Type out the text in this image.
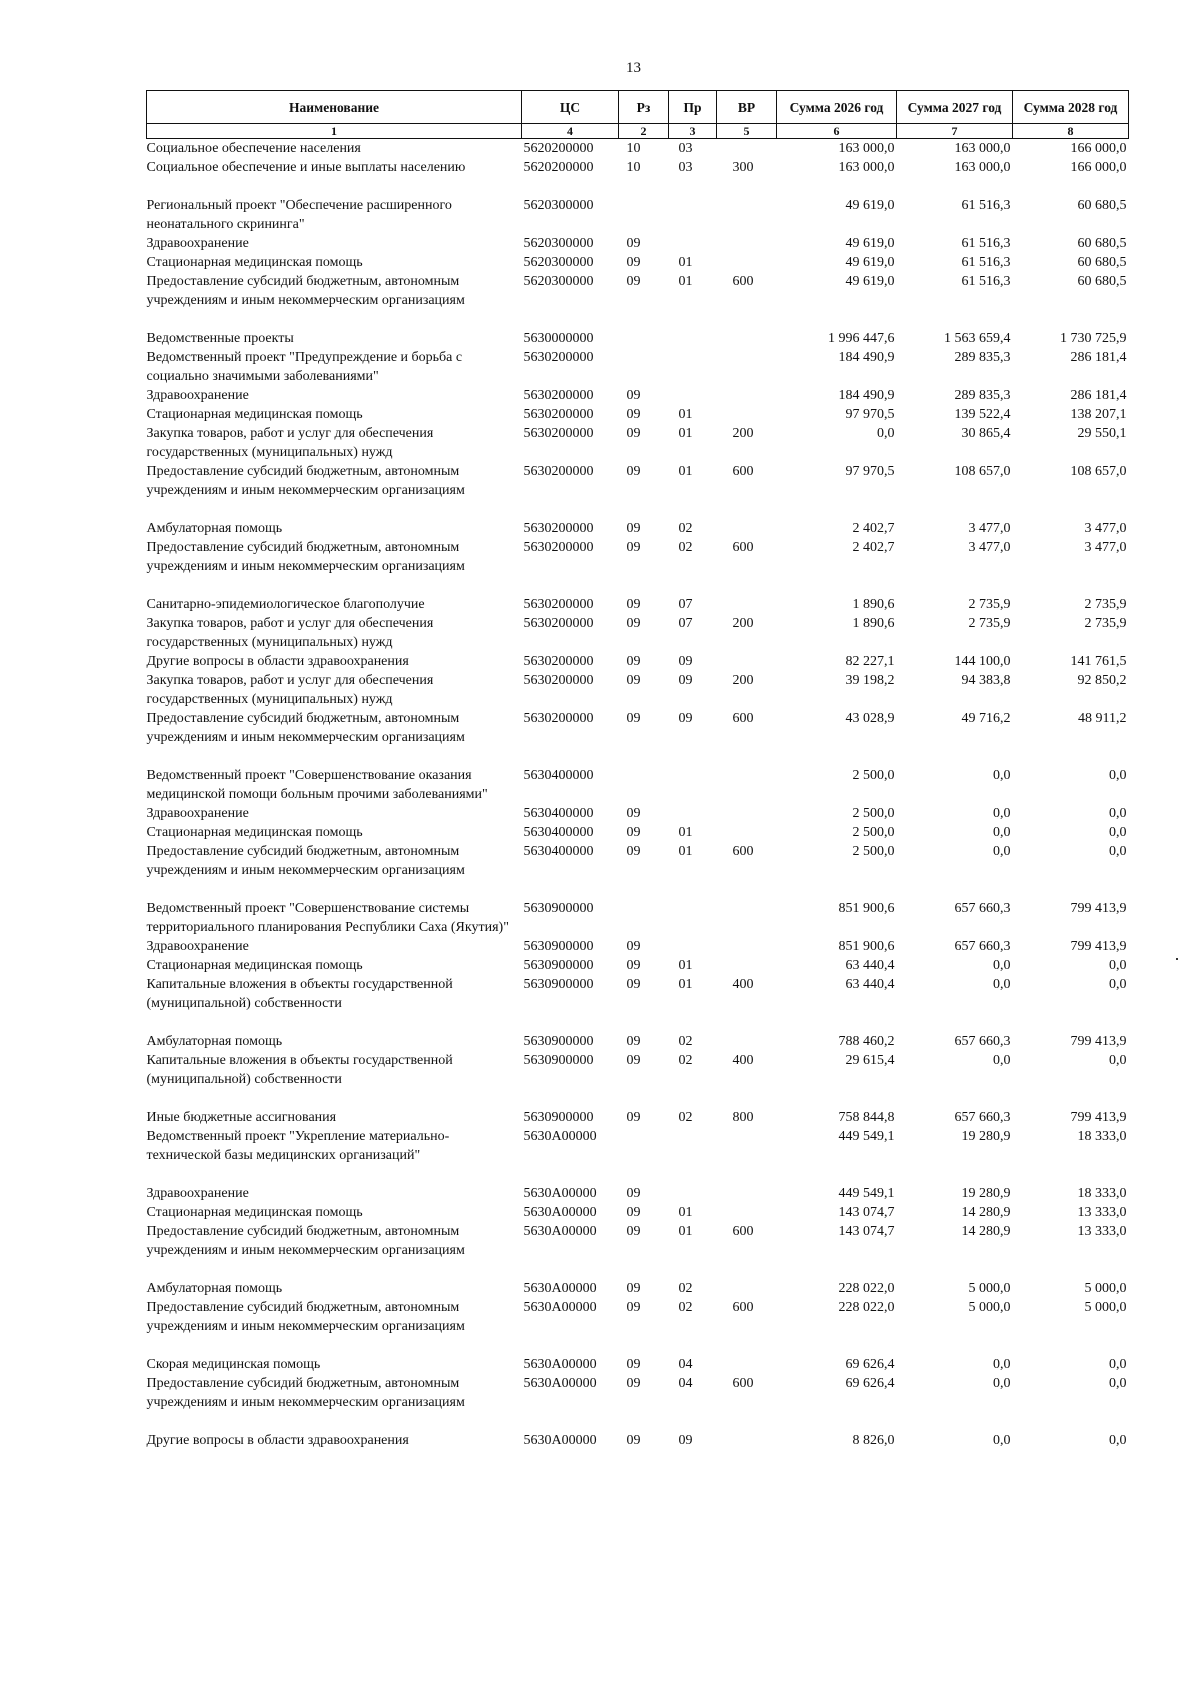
13
Наименование	ЦС	Рз	Пр	ВР	Сумма 2026 год	Сумма 2027 год	Сумма 2028 год
1	4	2	3	5	6	7	8
Социальное обеспечение населения	5620200000	10	03		163 000,0	163 000,0	166 000,0
Социальное обеспечение и иные выплаты населению	5620200000	10	03	300	163 000,0	163 000,0	166 000,0

Региональный проект "Обеспечение расширенного неонатального скрининга"	5620300000				49 619,0	61 516,3	60 680,5
Здравоохранение	5620300000	09			49 619,0	61 516,3	60 680,5
Стационарная медицинская помощь	5620300000	09	01		49 619,0	61 516,3	60 680,5
Предоставление субсидий бюджетным, автономным учреждениям и иным некоммерческим организациям	5620300000	09	01	600	49 619,0	61 516,3	60 680,5

Ведомственные проекты	5630000000				1 996 447,6	1 563 659,4	1 730 725,9
Ведомственный проект "Предупреждение и борьба с социально значимыми заболеваниями"	5630200000				184 490,9	289 835,3	286 181,4
Здравоохранение	5630200000	09			184 490,9	289 835,3	286 181,4
Стационарная медицинская помощь	5630200000	09	01		97 970,5	139 522,4	138 207,1
Закупка товаров, работ и услуг для обеспечения государственных (муниципальных) нужд	5630200000	09	01	200	0,0	30 865,4	29 550,1
Предоставление субсидий бюджетным, автономным учреждениям и иным некоммерческим организациям	5630200000	09	01	600	97 970,5	108 657,0	108 657,0

Амбулаторная помощь	5630200000	09	02		2 402,7	3 477,0	3 477,0
Предоставление субсидий бюджетным, автономным учреждениям и иным некоммерческим организациям	5630200000	09	02	600	2 402,7	3 477,0	3 477,0

Санитарно-эпидемиологическое благополучие	5630200000	09	07		1 890,6	2 735,9	2 735,9
Закупка товаров, работ и услуг для обеспечения государственных (муниципальных) нужд	5630200000	09	07	200	1 890,6	2 735,9	2 735,9
Другие вопросы в области здравоохранения	5630200000	09	09		82 227,1	144 100,0	141 761,5
Закупка товаров, работ и услуг для обеспечения государственных (муниципальных) нужд	5630200000	09	09	200	39 198,2	94 383,8	92 850,2
Предоставление субсидий бюджетным, автономным учреждениям и иным некоммерческим организациям	5630200000	09	09	600	43 028,9	49 716,2	48 911,2

Ведомственный проект "Совершенствование оказания медицинской помощи больным прочими заболеваниями"	5630400000				2 500,0	0,0	0,0
Здравоохранение	5630400000	09			2 500,0	0,0	0,0
Стационарная медицинская помощь	5630400000	09	01		2 500,0	0,0	0,0
Предоставление субсидий бюджетным, автономным учреждениям и иным некоммерческим организациям	5630400000	09	01	600	2 500,0	0,0	0,0

Ведомственный проект "Совершенствование системы территориального планирования Республики Саха (Якутия)"	5630900000				851 900,6	657 660,3	799 413,9
Здравоохранение	5630900000	09			851 900,6	657 660,3	799 413,9
Стационарная медицинская помощь	5630900000	09	01		63 440,4	0,0	0,0
Капитальные вложения в объекты государственной (муниципальной) собственности	5630900000	09	01	400	63 440,4	0,0	0,0

Амбулаторная помощь	5630900000	09	02		788 460,2	657 660,3	799 413,9
Капитальные вложения в объекты государственной (муниципальной) собственности	5630900000	09	02	400	29 615,4	0,0	0,0

Иные бюджетные ассигнования	5630900000	09	02	800	758 844,8	657 660,3	799 413,9
Ведомственный проект "Укрепление материально-технической базы медицинских организаций"	5630A00000				449 549,1	19 280,9	18 333,0

Здравоохранение	5630A00000	09			449 549,1	19 280,9	18 333,0
Стационарная медицинская помощь	5630A00000	09	01		143 074,7	14 280,9	13 333,0
Предоставление субсидий бюджетным, автономным учреждениям и иным некоммерческим организациям	5630A00000	09	01	600	143 074,7	14 280,9	13 333,0

Амбулаторная помощь	5630A00000	09	02		228 022,0	5 000,0	5 000,0
Предоставление субсидий бюджетным, автономным учреждениям и иным некоммерческим организациям	5630A00000	09	02	600	228 022,0	5 000,0	5 000,0

Скорая медицинская помощь	5630A00000	09	04		69 626,4	0,0	0,0
Предоставление субсидий бюджетным, автономным учреждениям и иным некоммерческим организациям	5630A00000	09	04	600	69 626,4	0,0	0,0

Другие вопросы в области здравоохранения	5630A00000	09	09		8 826,0	0,0	0,0
